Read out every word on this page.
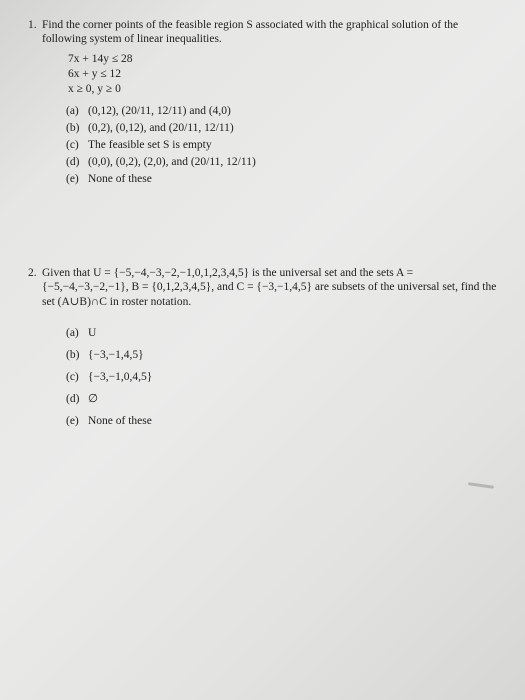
1. Find the corner points of the feasible region S associated with the graphical solution of the following system of linear inequalities.
7x + 14y ≤ 28
6x + y ≤ 12
x ≥ 0, y ≥ 0
(a) (0,12), (20/11, 12/11) and (4,0)
(b) (0,2), (0,12), and (20/11, 12/11)
(c) The feasible set S is empty
(d) (0,0), (0,2), (2,0), and (20/11, 12/11)
(e) None of these
2. Given that U = {−5,−4,−3,−2,−1,0,1,2,3,4,5} is the universal set and the sets A = {−5,−4,−3,−2,−1}, B = {0,1,2,3,4,5}, and C = {−3,−1,4,5} are subsets of the universal set, find the set (A∪B)∩C in roster notation.
(a) U
(b) {−3,−1,4,5}
(c) {−3,−1,0,4,5}
(d) ∅
(e) None of these
